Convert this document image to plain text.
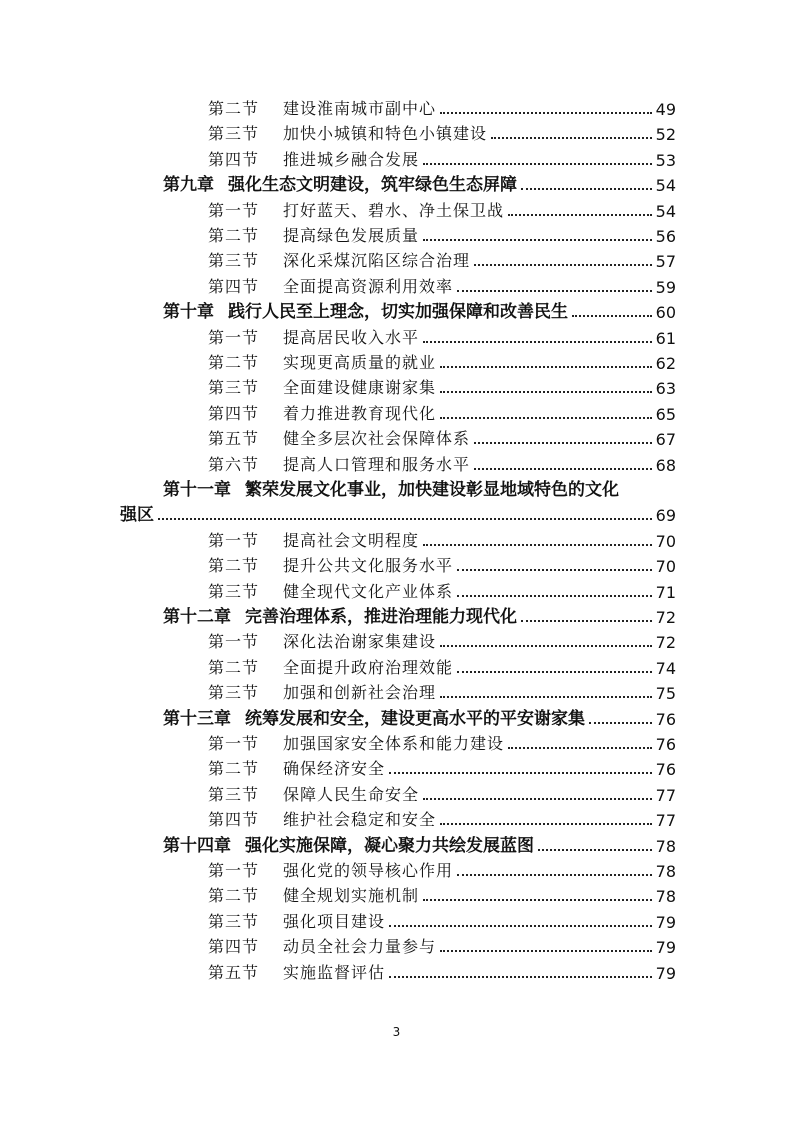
第二节	建设淮南城市副中心	49
第三节	加快小城镇和特色小镇建设	52
第四节	推进城乡融合发展	53
第九章 强化生态文明建设，筑牢绿色生态屏障	54
第一节	打好蓝天、碧水、净土保卫战	54
第二节	提高绿色发展质量	56
第三节	深化采煤沉陷区综合治理	57
第四节	全面提高资源利用效率	59
第十章 践行人民至上理念，切实加强保障和改善民生	60
第一节	提高居民收入水平	61
第二节	实现更高质量的就业	62
第三节	全面建设健康谢家集	63
第四节	着力推进教育现代化	65
第五节	健全多层次社会保障体系	67
第六节	提高人口管理和服务水平	68
第十一章 繁荣发展文化事业，加快建设彰显地域特色的文化
强区	69
第一节	提高社会文明程度	70
第二节	提升公共文化服务水平	70
第三节	健全现代文化产业体系	71
第十二章 完善治理体系，推进治理能力现代化	72
第一节	深化法治谢家集建设	72
第二节	全面提升政府治理效能	74
第三节	加强和创新社会治理	75
第十三章 统筹发展和安全，建设更高水平的平安谢家集	76
第一节	加强国家安全体系和能力建设	76
第二节	确保经济安全	76
第三节	保障人民生命安全	77
第四节	维护社会稳定和安全	77
第十四章 强化实施保障，凝心聚力共绘发展蓝图	78
第一节	强化党的领导核心作用	78
第二节	健全规划实施机制	78
第三节	强化项目建设	79
第四节	动员全社会力量参与	79
第五节	实施监督评估	79
3
